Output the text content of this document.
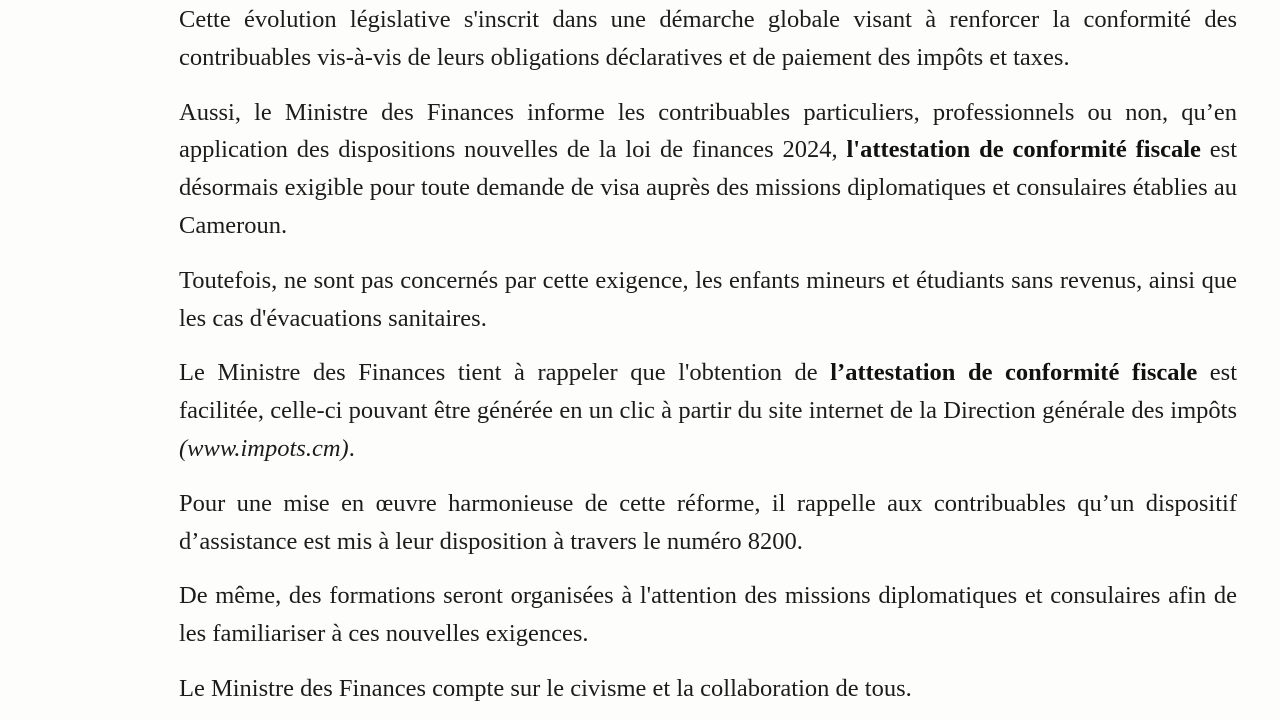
Cette évolution législative s'inscrit dans une démarche globale visant à renforcer la conformité des contribuables vis-à-vis de leurs obligations déclaratives et de paiement des impôts et taxes.

Aussi, le Ministre des Finances informe les contribuables particuliers, professionnels ou non, qu’en application des dispositions nouvelles de la loi de finances 2024, l'attestation de conformité fiscale est désormais exigible pour toute demande de visa auprès des missions diplomatiques et consulaires établies au Cameroun.

Toutefois, ne sont pas concernés par cette exigence, les enfants mineurs et étudiants sans revenus, ainsi que les cas d'évacuations sanitaires.

Le Ministre des Finances tient à rappeler que l'obtention de l’attestation de conformité fiscale est facilitée, celle-ci pouvant être générée en un clic à partir du site internet de la Direction générale des impôts (www.impots.cm).

Pour une mise en œuvre harmonieuse de cette réforme, il rappelle aux contribuables qu’un dispositif d’assistance est mis à leur disposition à travers le numéro 8200.

De même, des formations seront organisées à l'attention des missions diplomatiques et consulaires afin de les familiariser à ces nouvelles exigences.

Le Ministre des Finances compte sur le civisme et la collaboration de tous.
